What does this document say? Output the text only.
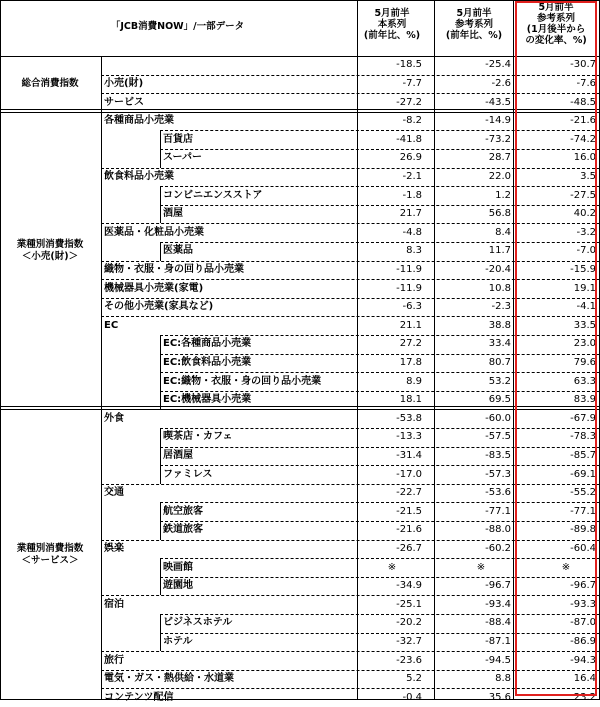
「JCB消費NOW」/一部データ
5月前半
本系列
(前年比、%)
5月前半
参考系列
(前年比、%)
5月前半
参考系列
(1月後半から
の変化率、%)
総合消費指数
業種別消費指数
＜小売(財)＞
業種別消費指数
＜サービス＞
-18.5	-25.4	-30.7
小売(財)	-7.7	-2.6	-7.6
サービス	-27.2	-43.5	-48.5
各種商品小売業	-8.2	-14.9	-21.6
百貨店	-41.8	-73.2	-74.2
スーパー	26.9	28.7	16.0
飲食料品小売業	-2.1	22.0	3.5
コンビニエンスストア	-1.8	1.2	-27.5
酒屋	21.7	56.8	40.2
医薬品・化粧品小売業	-4.8	8.4	-3.2
医薬品	8.3	11.7	-7.0
織物・衣服・身の回り品小売業	-11.9	-20.4	-15.9
機械器具小売業(家電)	-11.9	10.8	19.1
その他小売業(家具など)	-6.3	-2.3	-4.1
EC	21.1	38.8	33.5
EC:各種商品小売業	27.2	33.4	23.0
EC:飲食料品小売業	17.8	80.7	79.6
EC:織物・衣服・身の回り品小売業	8.9	53.2	63.3
EC:機械器具小売業	18.1	69.5	83.9
外食	-53.8	-60.0	-67.9
喫茶店・カフェ	-13.3	-57.5	-78.3
居酒屋	-31.4	-83.5	-85.7
ファミレス	-17.0	-57.3	-69.1
交通	-22.7	-53.6	-55.2
航空旅客	-21.5	-77.1	-77.1
鉄道旅客	-21.6	-88.0	-89.8
娯楽	-26.7	-60.2	-60.4
映画館	※	※	※
遊園地	-34.9	-96.7	-96.7
宿泊	-25.1	-93.4	-93.3
ビジネスホテル	-20.2	-88.4	-87.0
ホテル	-32.7	-87.1	-86.9
旅行	-23.6	-94.5	-94.3
電気・ガス・熱供給・水道業	5.2	8.8	16.4
コンテンツ配信	-0.4	35.6	23.2
